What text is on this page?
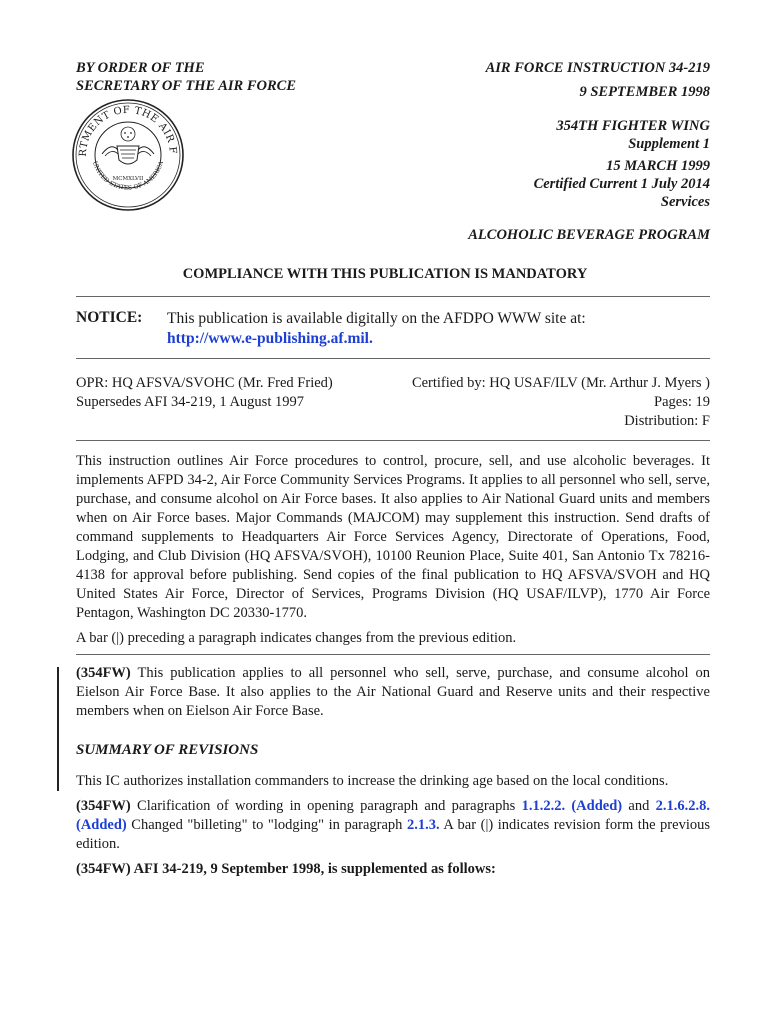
BY ORDER OF THE
SECRETARY OF THE AIR FORCE
AIR FORCE INSTRUCTION 34-219
9 SEPTEMBER 1998
354TH FIGHTER WING
Supplement 1
15 MARCH 1999
Certified Current 1 July 2014
Services
ALCOHOLIC BEVERAGE PROGRAM
RTMENT OF THE AIR F
UNITED STATES OF AMERICA
MCMXLVII
COMPLIANCE WITH THIS PUBLICATION IS MANDATORY
NOTICE: This publication is available digitally on the AFDPO WWW site at:
http://www.e-publishing.af.mil.
OPR: HQ AFSVA/SVOHC (Mr. Fred Fried)
Supersedes AFI 34-219, 1 August 1997
Certified by: HQ USAF/ILV (Mr. Arthur J. Myers )
Pages: 19
Distribution: F

This instruction outlines Air Force procedures to control, procure, sell, and use alcoholic beverages. It implements AFPD 34-2, Air Force Community Services Programs. It applies to all personnel who sell, serve, purchase, and consume alcohol on Air Force bases. It also applies to Air National Guard units and members when on Air Force bases. Major Commands (MAJCOM) may supplement this instruction. Send drafts of command supplements to Headquarters Air Force Services Agency, Directorate of Operations, Food, Lodging, and Club Division (HQ AFSVA/SVOH), 10100 Reunion Place, Suite 401, San Antonio Tx 78216-4138 for approval before publishing. Send copies of the final publication to HQ AFSVA/SVOH and HQ United States Air Force, Director of Services, Programs Division (HQ USAF/ILVP), 1770 Air Force Pentagon, Washington DC 20330-1770.

A bar (|) preceding a paragraph indicates changes from the previous edition.

(354FW) This publication applies to all personnel who sell, serve, purchase, and consume alcohol on Eielson Air Force Base. It also applies to the Air National Guard and Reserve units and their respective members when on Eielson Air Force Base.

SUMMARY OF REVISIONS

This IC authorizes installation commanders to increase the drinking age based on the local conditions.

(354FW) Clarification of wording in opening paragraph and paragraphs 1.1.2.2. (Added) and 2.1.6.2.8. (Added) Changed "billeting" to "lodging" in paragraph 2.1.3. A bar (|) indicates revision form the previous edition.

(354FW) AFI 34-219, 9 September 1998, is supplemented as follows:
